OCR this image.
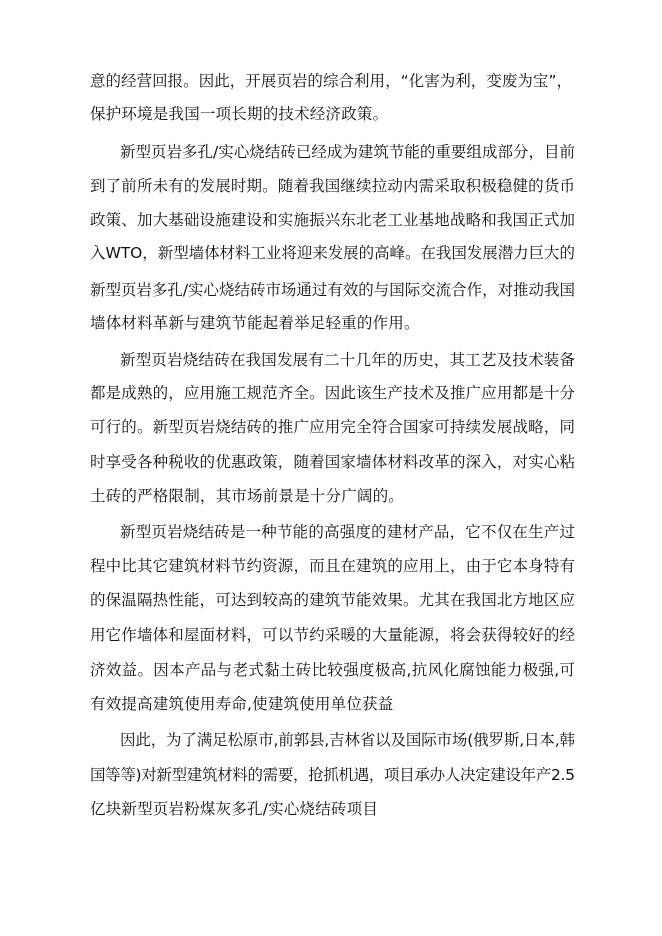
意的经营回报。因此，开展页岩的综合利用，“化害为利，变废为宝”，
保护环境是我国一项长期的技术经济政策。
新型页岩多孔/实心烧结砖已经成为建筑节能的重要组成部分，目前
到了前所未有的发展时期。随着我国继续拉动内需采取积极稳健的货币
政策、加大基础设施建设和实施振兴东北老工业基地战略和我国正式加
入WTO，新型墙体材料工业将迎来发展的高峰。在我国发展潜力巨大的
新型页岩多孔/实心烧结砖市场通过有效的与国际交流合作，对推动我国
墙体材料革新与建筑节能起着举足轻重的作用。
新型页岩烧结砖在我国发展有二十几年的历史，其工艺及技术装备
都是成熟的，应用施工规范齐全。因此该生产技术及推广应用都是十分
可行的。新型页岩烧结砖的推广应用完全符合国家可持续发展战略，同
时享受各种税收的优惠政策，随着国家墙体材料改革的深入，对实心粘
土砖的严格限制，其市场前景是十分广阔的。
新型页岩烧结砖是一种节能的高强度的建材产品，它不仅在生产过
程中比其它建筑材料节约资源，而且在建筑的应用上，由于它本身特有
的保温隔热性能，可达到较高的建筑节能效果。尤其在我国北方地区应
用它作墙体和屋面材料，可以节约采暖的大量能源，将会获得较好的经
济效益。因本产品与老式黏土砖比较强度极高,抗风化腐蚀能力极强,可
有效提高建筑使用寿命,使建筑使用单位获益
因此，为了满足松原市,前郭县,吉林省以及国际市场(俄罗斯,日本,韩
国等等)对新型建筑材料的需要，抢抓机遇，项目承办人决定建设年产2.5
亿块新型页岩粉煤灰多孔/实心烧结砖项目
